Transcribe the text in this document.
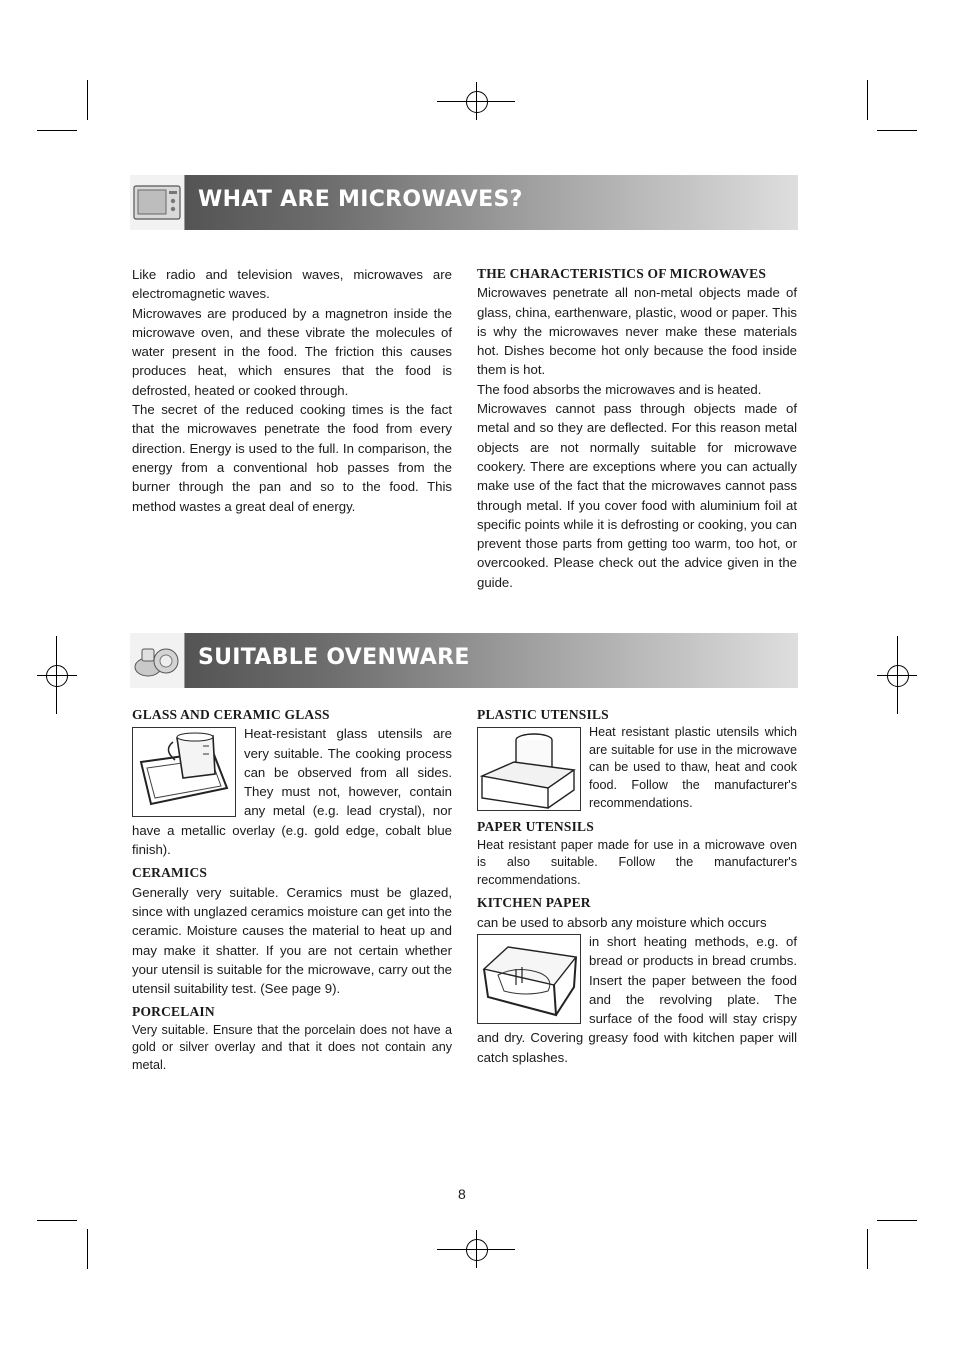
WHAT ARE MICROWAVES?

Like radio and television waves, microwaves are electromagnetic waves.

Microwaves are produced by a magnetron inside the microwave oven, and these vibrate the molecules of water present in the food. The friction this causes produces heat, which ensures that the food is defrosted, heated or cooked through.

The secret of the reduced cooking times is the fact that the microwaves penetrate the food from every direction. Energy is used to the full. In comparison, the energy from a conventional hob passes from the burner through the pan and so to the food. This method wastes a great deal of energy.

THE CHARACTERISTICS OF MICROWAVES

Microwaves penetrate all non-metal objects made of glass, china, earthenware, plastic, wood or paper. This is why the microwaves never make these materials hot. Dishes become hot only because the food inside them is hot.

The food absorbs the microwaves and is heated.

Microwaves cannot pass through objects made of metal and so they are deflected. For this reason metal objects are not normally suitable for microwave cookery. There are exceptions where you can actually make use of the fact that the microwaves cannot pass through metal. If you cover food with aluminium foil at specific points while it is defrosting or cooking, you can prevent those parts from getting too warm, too hot, or overcooked. Please check out the advice given in the guide.

SUITABLE OVENWARE

GLASS AND CERAMIC GLASS

Heat-resistant glass utensils are very suitable. The cooking process can be observed from all sides. They must not, however, contain any metal (e.g. lead crystal), nor have a metallic overlay (e.g. gold edge, cobalt blue finish).

CERAMICS

Generally very suitable. Ceramics must be glazed, since with unglazed ceramics moisture can get into the ceramic. Moisture causes the material to heat up and may make it shatter. If you are not certain whether your utensil is suitable for the microwave, carry out the utensil suitability test. (See page 9).

PORCELAIN

Very suitable. Ensure that the porcelain does not have a gold or silver overlay and that it does not contain any metal.

PLASTIC UTENSILS

Heat resistant plastic utensils which are suitable for use in the microwave can be used to thaw, heat and cook food. Follow the manufacturer's recommendations.

PAPER UTENSILS

Heat resistant paper made for use in a microwave oven is also suitable. Follow the manufacturer's recommendations.

KITCHEN PAPER

can be used to absorb any moisture which occurs

in short heating methods, e.g. of bread or products in bread crumbs. Insert the paper between the food and the revolving plate. The surface of the food will stay crispy and dry. Covering greasy food with kitchen paper will catch splashes.

8
